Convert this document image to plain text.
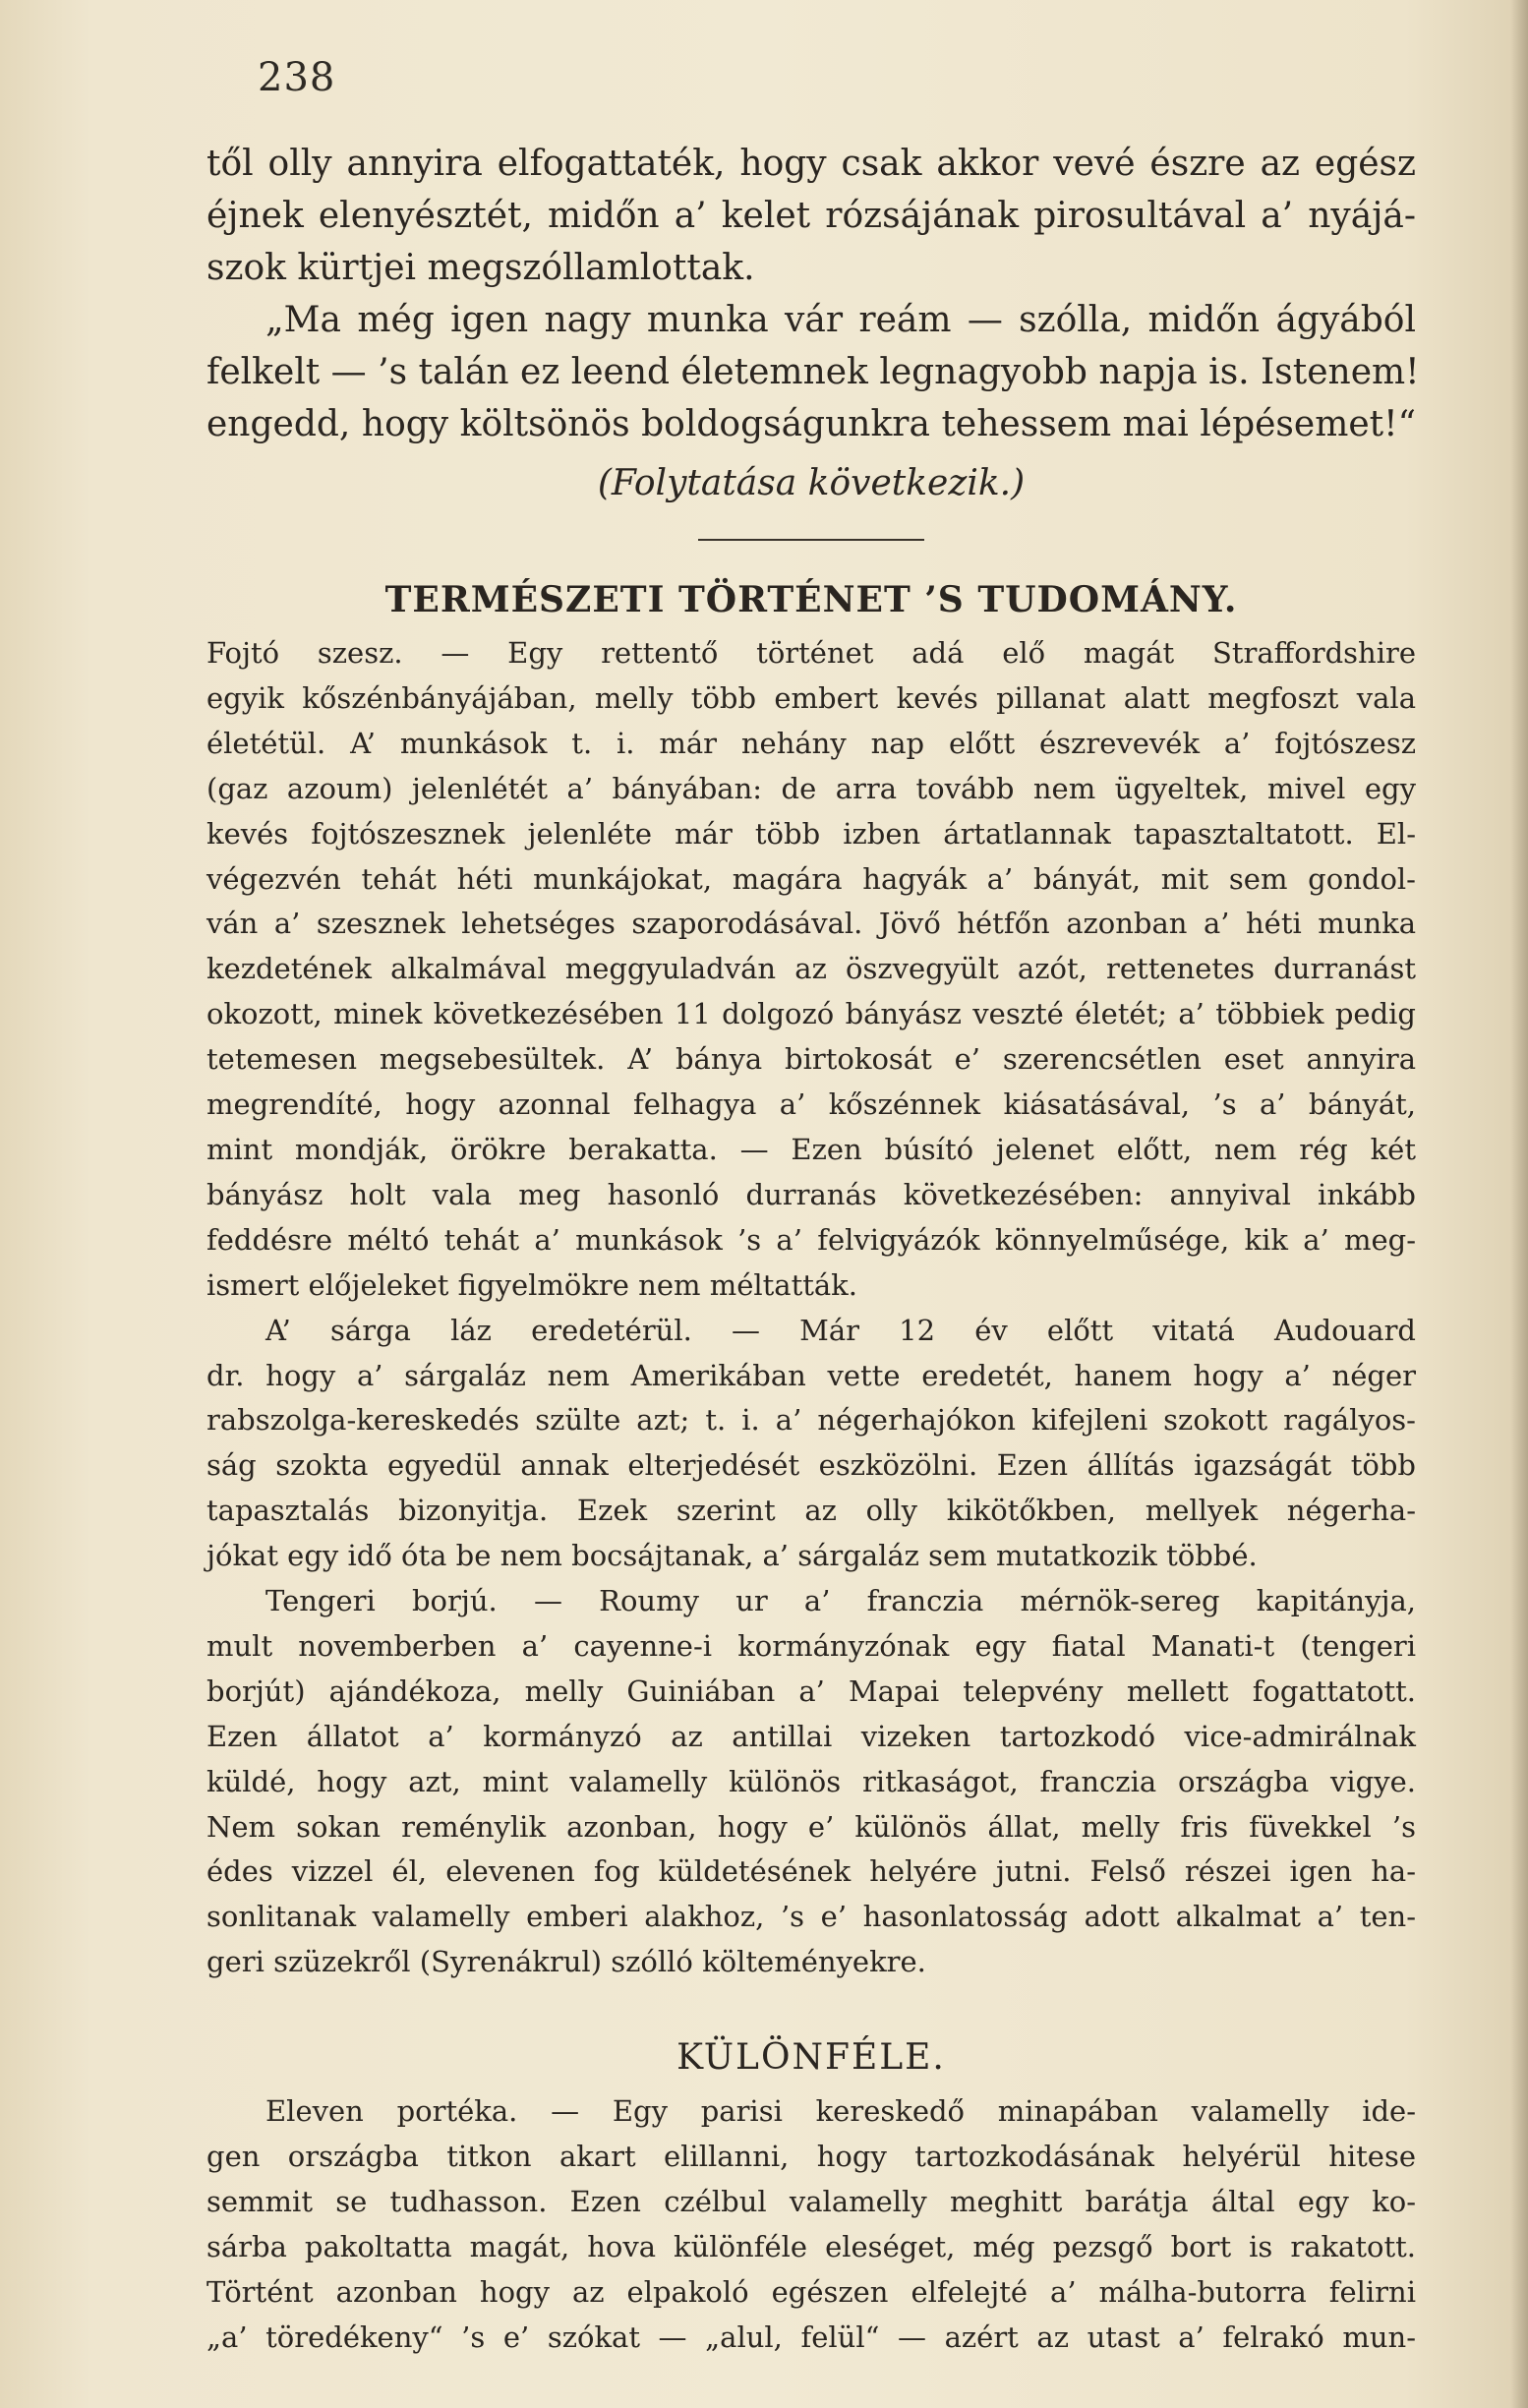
238
től olly annyira elfogattaték, hogy csak akkor vevé észre az egész
éjnek elenyésztét, midőn a’ kelet rózsájának pirosultával a’ nyájá-
szok kürtjei megszóllamlottak.
„Ma még igen nagy munka vár reám — szólla, midőn ágyából
felkelt — ’s talán ez leend életemnek legnagyobb napja is. Istenem!
engedd, hogy költsönös boldogságunkra tehessem mai lépésemet!“
(Folytatása következik.)
TERMÉSZETI TÖRTÉNET ’S TUDOMÁNY.
Fojtó szesz. — Egy rettentő történet adá elő magát Straffordshire
egyik kőszénbányájában, melly több embert kevés pillanat alatt megfoszt vala
életétül. A’ munkások t. i. már nehány nap előtt észrevevék a’ fojtószesz
(gaz azoum) jelenlétét a’ bányában: de arra tovább nem ügyeltek, mivel egy
kevés fojtószesznek jelenléte már több izben ártatlannak tapasztaltatott. El-
végezvén tehát héti munkájokat, magára hagyák a’ bányát, mit sem gondol-
ván a’ szesznek lehetséges szaporodásával. Jövő hétfőn azonban a’ héti munka
kezdetének alkalmával meggyuladván az öszvegyült azót, rettenetes durranást
okozott, minek következésében 11 dolgozó bányász veszté életét; a’ többiek pedig
tetemesen megsebesültek. A’ bánya birtokosát e’ szerencsétlen eset annyira
megrendíté, hogy azonnal felhagya a’ kőszénnek kiásatásával, ’s a’ bányát,
mint mondják, örökre berakatta. — Ezen búsító jelenet előtt, nem rég két
bányász holt vala meg hasonló durranás következésében: annyival inkább
feddésre méltó tehát a’ munkások ’s a’ felvigyázók könnyelműsége, kik a’ meg-
ismert előjeleket figyelmökre nem méltatták.
A’ sárga láz eredetérül. — Már 12 év előtt vitatá Audouard
dr. hogy a’ sárgaláz nem Amerikában vette eredetét, hanem hogy a’ néger
rabszolga-kereskedés szülte azt; t. i. a’ négerhajókon kifejleni szokott ragályos-
ság szokta egyedül annak elterjedését eszközölni. Ezen állítás igazságát több
tapasztalás bizonyitja. Ezek szerint az olly kikötőkben, mellyek négerha-
jókat egy idő óta be nem bocsájtanak, a’ sárgaláz sem mutatkozik többé.
Tengeri borjú. — Roumy ur a’ franczia mérnök-sereg kapitányja,
mult novemberben a’ cayenne-i kormányzónak egy fiatal Manati-t (tengeri
borjút) ajándékoza, melly Guiniában a’ Mapai telepvény mellett fogattatott.
Ezen állatot a’ kormányzó az antillai vizeken tartozkodó vice-admirálnak
küldé, hogy azt, mint valamelly különös ritkaságot, franczia országba vigye.
Nem sokan reménylik azonban, hogy e’ különös állat, melly fris füvekkel ’s
édes vizzel él, elevenen fog küldetésének helyére jutni. Felső részei igen ha-
sonlitanak valamelly emberi alakhoz, ’s e’ hasonlatosság adott alkalmat a’ ten-
geri szüzekről (Syrenákrul) szólló költeményekre.
KÜLÖNFÉLE.
Eleven portéka. — Egy parisi kereskedő minapában valamelly ide-
gen országba titkon akart elillanni, hogy tartozkodásának helyérül hitese
semmit se tudhasson. Ezen czélbul valamelly meghitt barátja által egy ko-
sárba pakoltatta magát, hova különféle eleséget, még pezsgő bort is rakatott.
Történt azonban hogy az elpakoló egészen elfelejté a’ málha-butorra felirni
„a’ töredékeny“ ’s e’ szókat — „alul, felül“ — azért az utast a’ felrakó mun-
